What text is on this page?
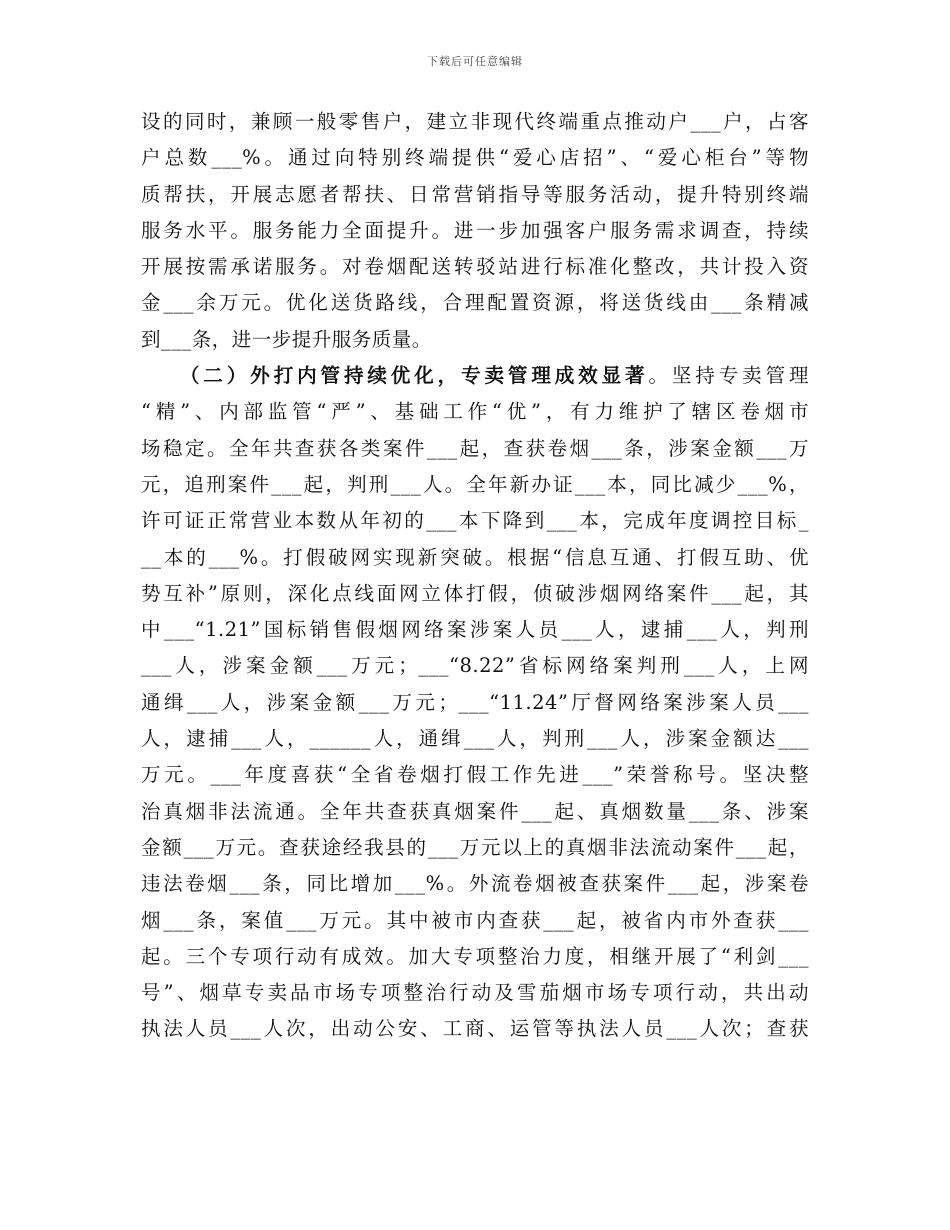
下载后可任意编辑
设的同时，兼顾一般零售户，建立非现代终端重点推动户___户，占客
户总数___%。通过向特别终端提供“爱心店招”、“爱心柜台”等物
质帮扶，开展志愿者帮扶、日常营销指导等服务活动，提升特别终端
服务水平。服务能力全面提升。进一步加强客户服务需求调查，持续
开展按需承诺服务。对卷烟配送转驳站进行标准化整改，共计投入资
金___余万元。优化送货路线，合理配置资源，将送货线由___条精减
到___条，进一步提升服务质量。
（二）外打内管持续优化，专卖管理成效显著。坚持专卖管理
“精”、内部监管“严”、基础工作“优”，有力维护了辖区卷烟市
场稳定。全年共查获各类案件___起，查获卷烟___条，涉案金额___万
元，追刑案件___起，判刑___人。全年新办证___本，同比减少___%，
许可证正常营业本数从年初的___本下降到___本，完成年度调控目标_
__本的___%。打假破网实现新突破。根据“信息互通、打假互助、优
势互补”原则，深化点线面网立体打假，侦破涉烟网络案件___起，其
中___“1.21”国标销售假烟网络案涉案人员___人，逮捕___人，判刑
___人，涉案金额___万元；___“8.22”省标网络案判刑___人，上网
通缉___人，涉案金额___万元；___“11.24”厅督网络案涉案人员___
人，逮捕___人，______人，通缉___人，判刑___人，涉案金额达___
万元。___年度喜获“全省卷烟打假工作先进___”荣誉称号。坚决整
治真烟非法流通。全年共查获真烟案件___起、真烟数量___条、涉案
金额___万元。查获途经我县的___万元以上的真烟非法流动案件___起，
违法卷烟___条，同比增加___%。外流卷烟被查获案件___起，涉案卷
烟___条，案值___万元。其中被市内查获___起，被省内市外查获___
起。三个专项行动有成效。加大专项整治力度，相继开展了“利剑___
号”、烟草专卖品市场专项整治行动及雪茄烟市场专项行动，共出动
执法人员___人次，出动公安、工商、运管等执法人员___人次；查获
